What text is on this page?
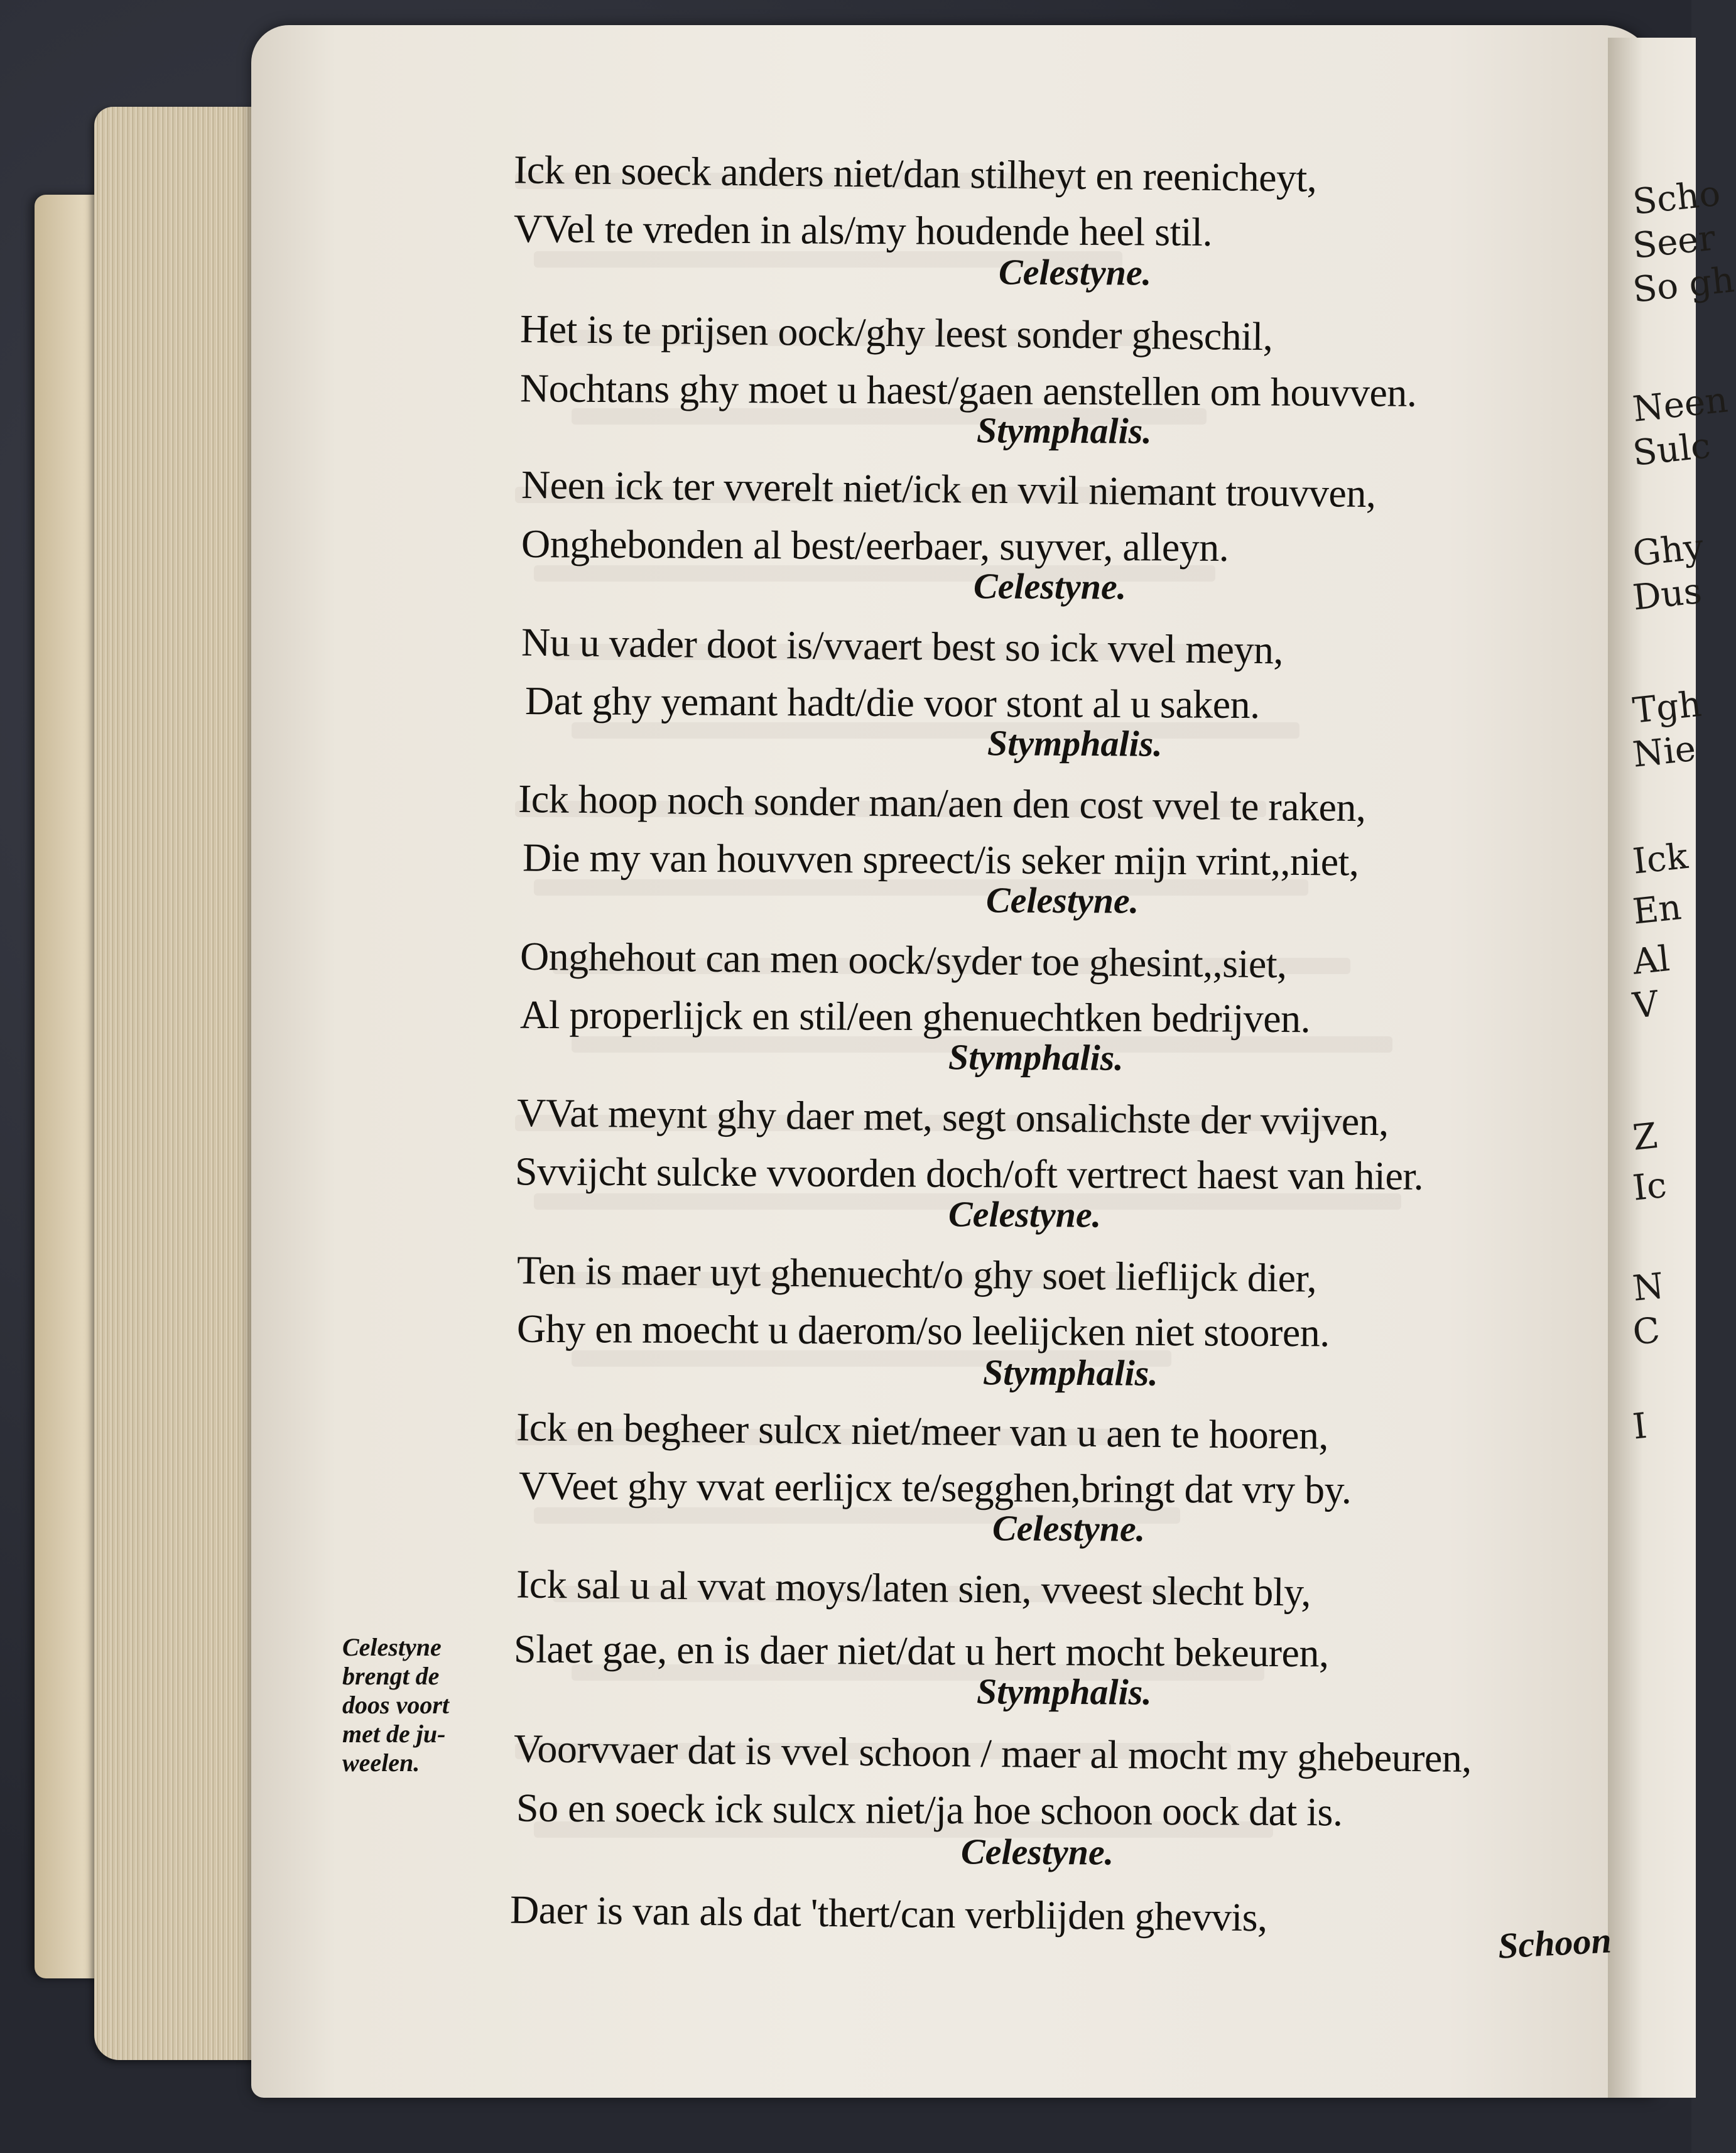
Scho
Seer
So gh
Neen
Sulc
Ghy
Dus
Tgh
Nie
Ick
En
Al
V
Z
Ic
N
C
I
Ick en soeck anders niet/dan stilheyt en reenicheyt,
VVel te vreden in als/my houdende heel stil.
Celestyne.
Het is te prijsen oock/ghy leest sonder gheschil,
Nochtans ghy moet u haest/gaen aenstellen om houvven.
Stymphalis.
Neen ick ter vverelt niet/ick en vvil niemant trouvven,
Onghebonden al best/eerbaer, suyver, alleyn.
Celestyne.
Nu u vader doot is/vvaert best so ick vvel meyn,
Dat ghy yemant hadt/die voor stont al u saken.
Stymphalis.
Ick hoop noch sonder man/aen den cost vvel te raken,
Die my van houvven spreect/is seker mijn vrint,,niet,
Celestyne.
Onghehout can men oock/syder toe ghesint,,siet,
Al properlijck en stil/een ghenuechtken bedrijven.
Stymphalis.
VVat meynt ghy daer met, segt onsalichste der vvijven,
Svvijcht sulcke vvoorden doch/oft vertrect haest van hier.
Celestyne.
Ten is maer uyt ghenuecht/o ghy soet lieflijck dier,
Ghy en moecht u daerom/so leelijcken niet stooren.
Stymphalis.
Ick en begheer sulcx niet/meer van u aen te hooren,
VVeet ghy vvat eerlijcx te/segghen,bringt dat vry by.
Celestyne.
Ick sal u al vvat moys/laten sien, vveest slecht bly,
Slaet gae, en is daer niet/dat u hert mocht bekeuren,
Stymphalis.
Voorvvaer dat is vvel schoon / maer al mocht my ghebeuren,
So en soeck ick sulcx niet/ja hoe schoon oock dat is.
Celestyne.
Daer is van als dat 'thert/can verblijden ghevvis,
Celestyne
brengt de
doos voort
met de ju-
weelen.
Schoon
